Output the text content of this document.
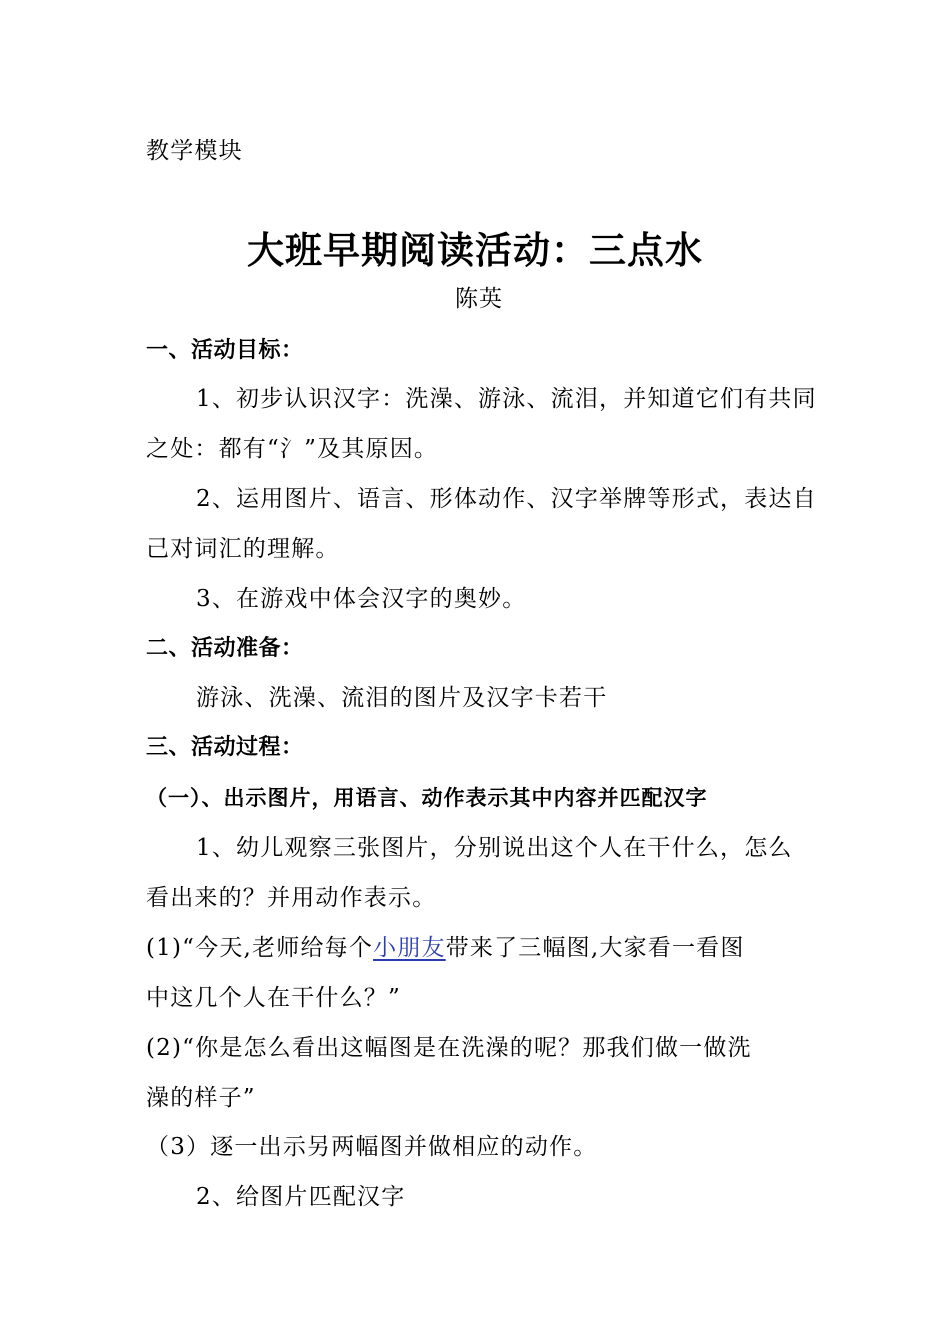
教学模块
大班早期阅读活动：三点水
陈英
一、活动目标：
1、初步认识汉字：洗澡、游泳、流泪，并知道它们有共同
之处：都有“氵”及其原因。
2、运用图片、语言、形体动作、汉字举牌等形式，表达自
己对词汇的理解。
3、在游戏中体会汉字的奥妙。
二、活动准备：
游泳、洗澡、流泪的图片及汉字卡若干
三、活动过程：
（一）、出示图片，用语言、动作表示其中内容并匹配汉字
1、幼儿观察三张图片，分别说出这个人在干什么，怎么
看出来的？并用动作表示。
(1)“今天,老师给每个小朋友带来了三幅图,大家看一看图
中这几个人在干什么？”
(2)“你是怎么看出这幅图是在洗澡的呢？那我们做一做洗
澡的样子”
（3）逐一出示另两幅图并做相应的动作。
2、给图片匹配汉字
